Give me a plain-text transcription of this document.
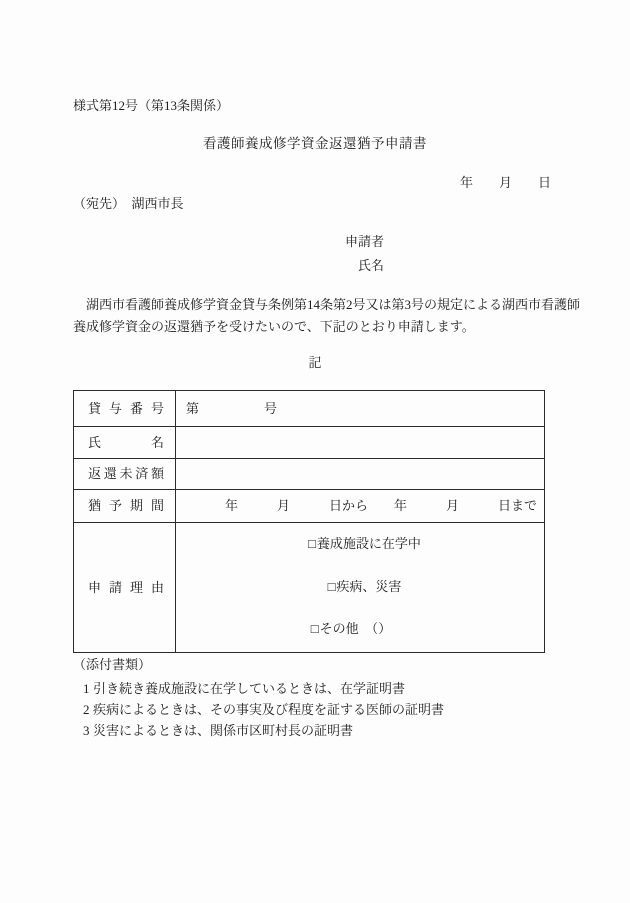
様式第12号（第13条関係）
看護師養成修学資金返還猶予申請書
年　　月　　日
（宛先）　湖西市長
申請者
氏名
　湖西市看護師養成修学資金貸与条例第14条第2号又は第3号の規定による湖西市看護師
養成修学資金の返還猶予を受けたいので、下記のとおり申請します。
記
貸与番号	第　　　　　号
氏名
返還未済額
猶予期間	　　　年　　　月　　　日から　　年　　　月　　　日まで
申請理由
□ 養成施設に在学中
□ 疾病、災害
□ その他 　（ ）
（添付書類）
1 引き続き養成施設に在学しているときは、在学証明書
2 疾病によるときは、その事実及び程度を証する医師の証明書
3 災害によるときは、関係市区町村長の証明書
